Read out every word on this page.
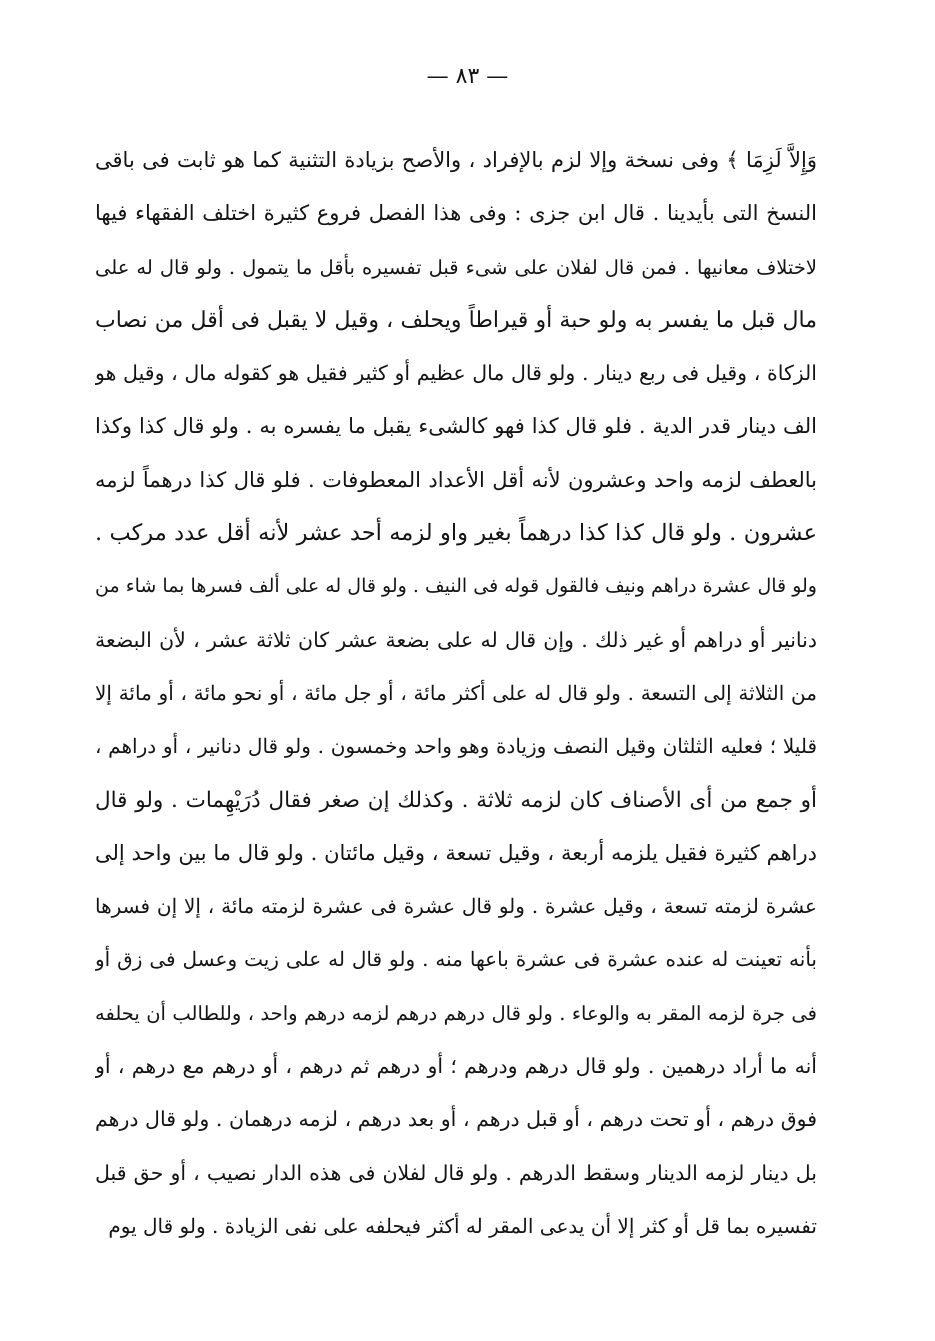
— ٨٣ —
وَإِلاَّ لَزِمَا ﴾ وفى نسخة وإلا لزم بالإفراد ، والأصح بزيادة التثنية كما هو ثابت فى باقى
النسخ التى بأيدينا . قال ابن جزى : وفى هذا الفصل فروع كثيرة اختلف الفقهاء فيها
لاختلاف معانيها . فمن قال لفلان على شىء قبل تفسيره بأقل ما يتمول . ولو قال له على
مال قبل ما يفسر به ولو حبة أو قيراطاً ويحلف ، وقيل لا يقبل فى أقل من نصاب
الزكاة ، وقيل فى ربع دينار . ولو قال مال عظيم أو كثير فقيل هو كقوله مال ، وقيل هو
الف دينار قدر الدية . فلو قال كذا فهو كالشىء يقبل ما يفسره به . ولو قال كذا وكذا
بالعطف لزمه واحد وعشرون لأنه أقل الأعداد المعطوفات . فلو قال كذا درهماً لزمه
عشرون . ولو قال كذا كذا درهماً بغير واو لزمه أحد عشر لأنه أقل عدد مركب .
ولو قال عشرة دراهم ونيف فالقول قوله فى النيف . ولو قال له على ألف فسرها بما شاء من
دنانير أو دراهم أو غير ذلك . وإن قال له على بضعة عشر كان ثلاثة عشر ، لأن البضعة
من الثلاثة إلى التسعة . ولو قال له على أكثر مائة ، أو جل مائة ، أو نحو مائة ، أو مائة إلا
قليلا ؛ فعليه الثلثان وقيل النصف وزيادة وهو واحد وخمسون . ولو قال دنانير ، أو دراهم ،
أو جمع من أى الأصناف كان لزمه ثلاثة . وكذلك إن صغر فقال دُرَيْهِمات . ولو قال
دراهم كثيرة فقيل يلزمه أربعة ، وقيل تسعة ، وقيل مائتان . ولو قال ما بين واحد إلى
عشرة لزمته تسعة ، وقيل عشرة . ولو قال عشرة فى عشرة لزمته مائة ، إلا إن فسرها
بأنه تعينت له عنده عشرة فى عشرة باعها منه . ولو قال له على زيت وعسل فى زق أو
فى جرة لزمه المقر به والوعاء . ولو قال درهم درهم لزمه درهم واحد ، وللطالب أن يحلفه
أنه ما أراد درهمين . ولو قال درهم ودرهم ؛ أو درهم ثم درهم ، أو درهم مع درهم ، أو
فوق درهم ، أو تحت درهم ، أو قبل درهم ، أو بعد درهم ، لزمه درهمان . ولو قال درهم
بل دينار لزمه الدينار وسقط الدرهم . ولو قال لفلان فى هذه الدار نصيب ، أو حق قبل
تفسيره بما قل أو كثر إلا أن يدعى المقر له أكثر فيحلفه على نفى الزيادة . ولو قال يوم
